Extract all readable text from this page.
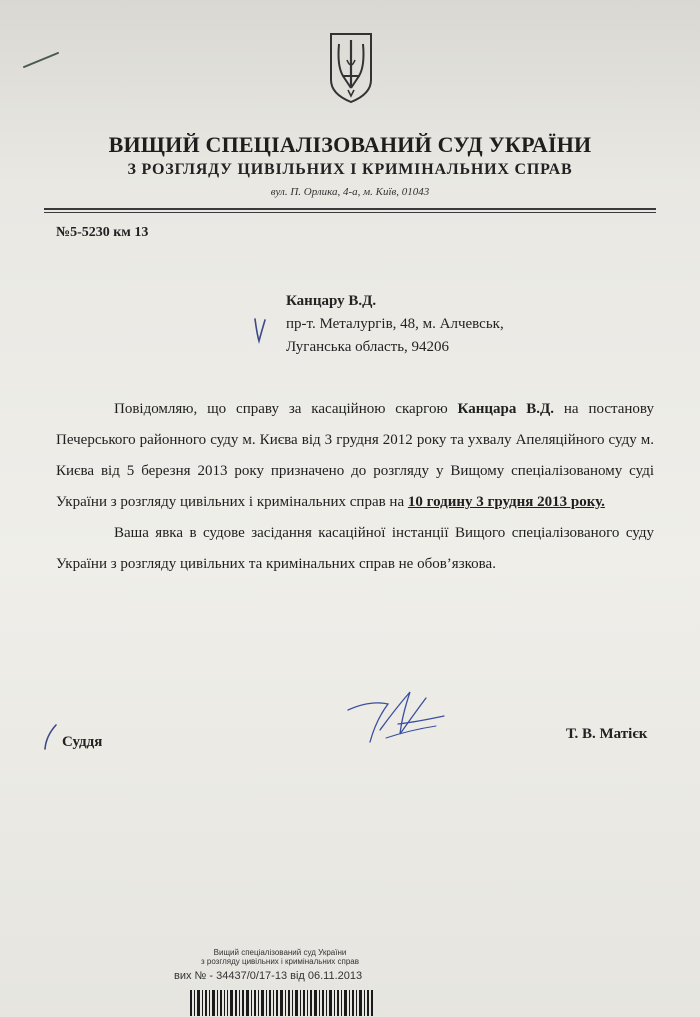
ВИЩИЙ СПЕЦІАЛІЗОВАНИЙ СУД УКРАЇНИ
З РОЗГЛЯДУ ЦИВІЛЬНИХ І КРИМІНАЛЬНИХ СПРАВ
вул. П. Орлика, 4-а, м. Київ, 01043
№5-5230 км 13
Канцару В.Д.
пр-т. Металургів, 48, м. Алчевськ,
Луганська область, 94206

Повідомляю, що справу за касаційною скаргою Канцара В.Д. на постанову Печерського районного суду м. Києва від 3 грудня 2012 року та ухвалу Апеляційного суду м. Києва від 5 березня 2013 року призначено до розгляду у Вищому спеціалізованому суді України з розгляду цивільних і кримінальних справ на 10 годину 3 грудня 2013 року.

Ваша явка в судове засідання касаційної інстанції Вищого спеціалізованого суду України з розгляду цивільних та кримінальних справ не обов’язкова.

Суддя	Т. В. Матієк
Вищий спеціалізований суд України
з розгляду цивільних і кримінальних справ
вих № - 34437/0/17-13 від 06.11.2013
